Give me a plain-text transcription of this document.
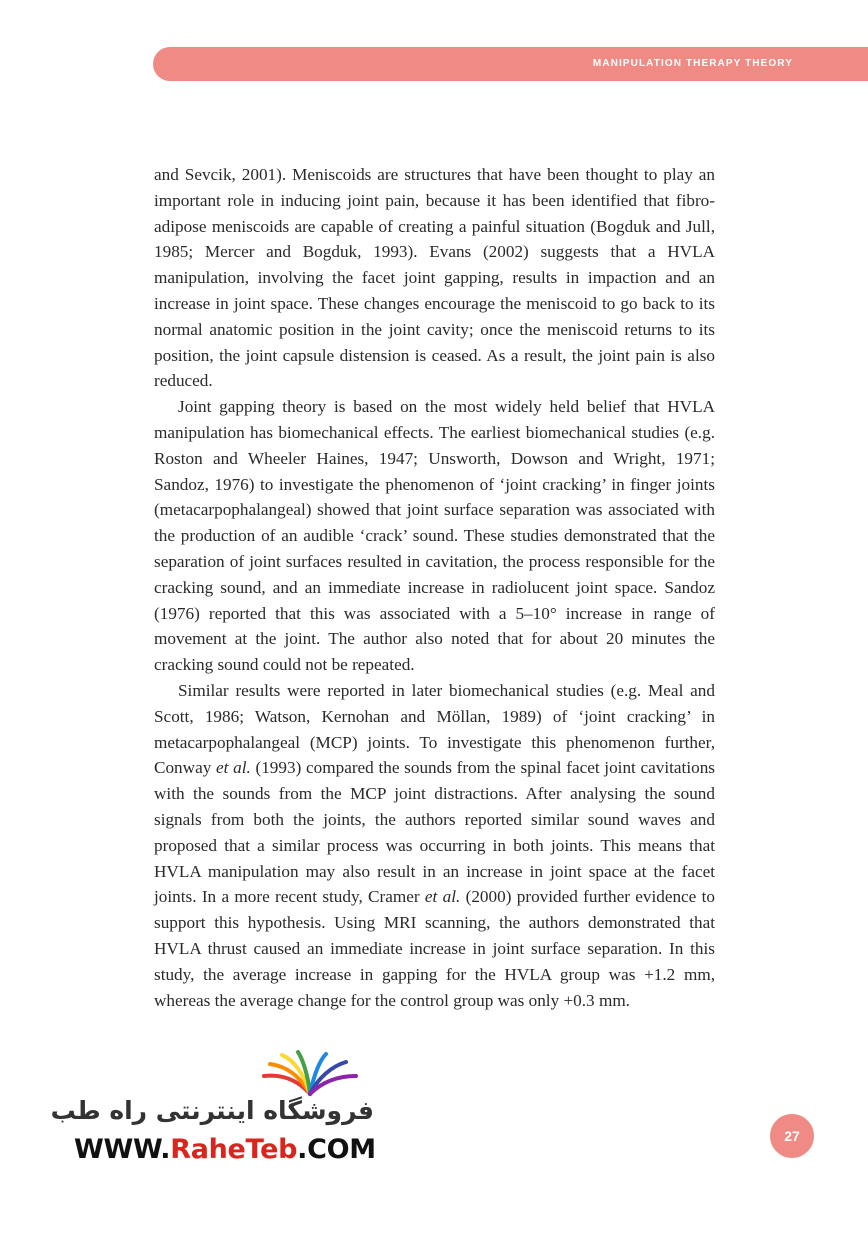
MANIPULATION THERAPY THEORY

and Sevcik, 2001). Meniscoids are structures that have been thought to play an important role in inducing joint pain, because it has been identified that fibro-adipose meniscoids are capable of creating a painful situation (Bogduk and Jull, 1985; Mercer and Bogduk, 1993). Evans (2002) suggests that a HVLA manipulation, involving the facet joint gapping, results in impaction and an increase in joint space. These changes encourage the meniscoid to go back to its normal anatomic position in the joint cavity; once the meniscoid returns to its position, the joint capsule distension is ceased. As a result, the joint pain is also reduced.

Joint gapping theory is based on the most widely held belief that HVLA manipulation has biomechanical effects. The earliest biomechanical studies (e.g. Roston and Wheeler Haines, 1947; Unsworth, Dowson and Wright, 1971; Sandoz, 1976) to investigate the phenomenon of ‘joint cracking’ in finger joints (metacarpophalangeal) showed that joint surface separation was associated with the production of an audible ‘crack’ sound. These studies demonstrated that the separation of joint surfaces resulted in cavitation, the process responsible for the cracking sound, and an immediate increase in radiolucent joint space. Sandoz (1976) reported that this was associated with a 5–10° increase in range of movement at the joint. The author also noted that for about 20 minutes the cracking sound could not be repeated.

Similar results were reported in later biomechanical studies (e.g. Meal and Scott, 1986; Watson, Kernohan and Möllan, 1989) of ‘joint cracking’ in metacarpophalangeal (MCP) joints. To investigate this phenomenon further, Conway et al. (1993) compared the sounds from the spinal facet joint cavitations with the sounds from the MCP joint distractions. After analysing the sound signals from both the joints, the authors reported similar sound waves and proposed that a similar process was occurring in both joints. This means that HVLA manipulation may also result in an increase in joint space at the facet joints. In a more recent study, Cramer et al. (2000) provided further evidence to support this hypothesis. Using MRI scanning, the authors demonstrated that HVLA thrust caused an immediate increase in joint surface separation. In this study, the average increase in gapping for the HVLA group was +1.2 mm, whereas the average change for the control group was only +0.3 mm.

فروشگاه اینترنتی راه طب
WWW.RaheTeb.COM	27
